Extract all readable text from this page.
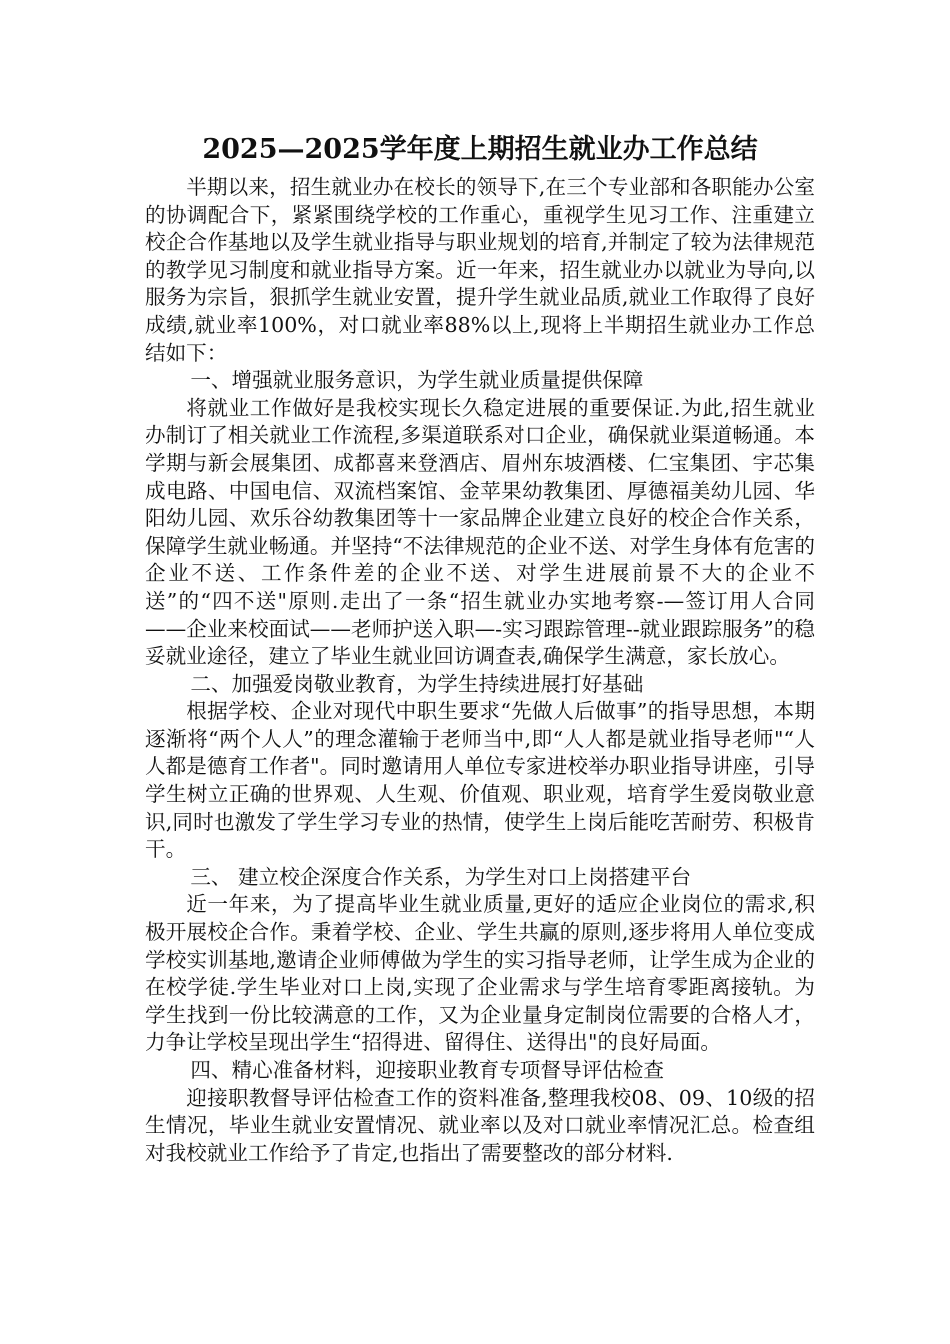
2025—2025学年度上期招生就业办工作总结

半期以来，招生就业办在校长的领导下,在三个专业部和各职能办公室的协调配合下，紧紧围绕学校的工作重心，重视学生见习工作、注重建立校企合作基地以及学生就业指导与职业规划的培育,并制定了较为法律规范的教学见习制度和就业指导方案。近一年来，招生就业办以就业为导向,以服务为宗旨，狠抓学生就业安置，提升学生就业品质,就业工作取得了良好成绩,就业率100%，对口就业率88%以上,现将上半期招生就业办工作总结如下：

一、增强就业服务意识，为学生就业质量提供保障

将就业工作做好是我校实现长久稳定进展的重要保证.为此,招生就业办制订了相关就业工作流程,多渠道联系对口企业，确保就业渠道畅通。本学期与新会展集团、成都喜来登酒店、眉州东坡酒楼、仁宝集团、宇芯集成电路、中国电信、双流档案馆、金苹果幼教集团、厚德福美幼儿园、华阳幼儿园、欢乐谷幼教集团等十一家品牌企业建立良好的校企合作关系，保障学生就业畅通。并坚持“不法律规范的企业不送、对学生身体有危害的企业不送、工作条件差的企业不送、对学生进展前景不大的企业不送”的“四不送"原则.走出了一条“招生就业办实地考察-—签订用人合同——企业来校面试——老师护送入职—-实习跟踪管理--就业跟踪服务”的稳妥就业途径，建立了毕业生就业回访调查表,确保学生满意，家长放心。

二、加强爱岗敬业教育，为学生持续进展打好基础

根据学校、企业对现代中职生要求“先做人后做事”的指导思想，本期逐渐将“两个人人”的理念灌输于老师当中,即“人人都是就业指导老师"“人人都是德育工作者"。同时邀请用人单位专家进校举办职业指导讲座，引导学生树立正确的世界观、人生观、价值观、职业观，培育学生爱岗敬业意识,同时也激发了学生学习专业的热情，使学生上岗后能吃苦耐劳、积极肯干。

三、 建立校企深度合作关系，为学生对口上岗搭建平台

近一年来，为了提高毕业生就业质量,更好的适应企业岗位的需求,积极开展校企合作。秉着学校、企业、学生共赢的原则,逐步将用人单位变成学校实训基地,邀请企业师傅做为学生的实习指导老师，让学生成为企业的在校学徒.学生毕业对口上岗,实现了企业需求与学生培育零距离接轨。为学生找到一份比较满意的工作，又为企业量身定制岗位需要的合格人才，力争让学校呈现出学生“招得进、留得住、送得出"的良好局面。

四、精心准备材料，迎接职业教育专项督导评估检查

迎接职教督导评估检查工作的资料准备,整理我校08、09、10级的招生情况，毕业生就业安置情况、就业率以及对口就业率情况汇总。检查组对我校就业工作给予了肯定,也指出了需要整改的部分材料.
